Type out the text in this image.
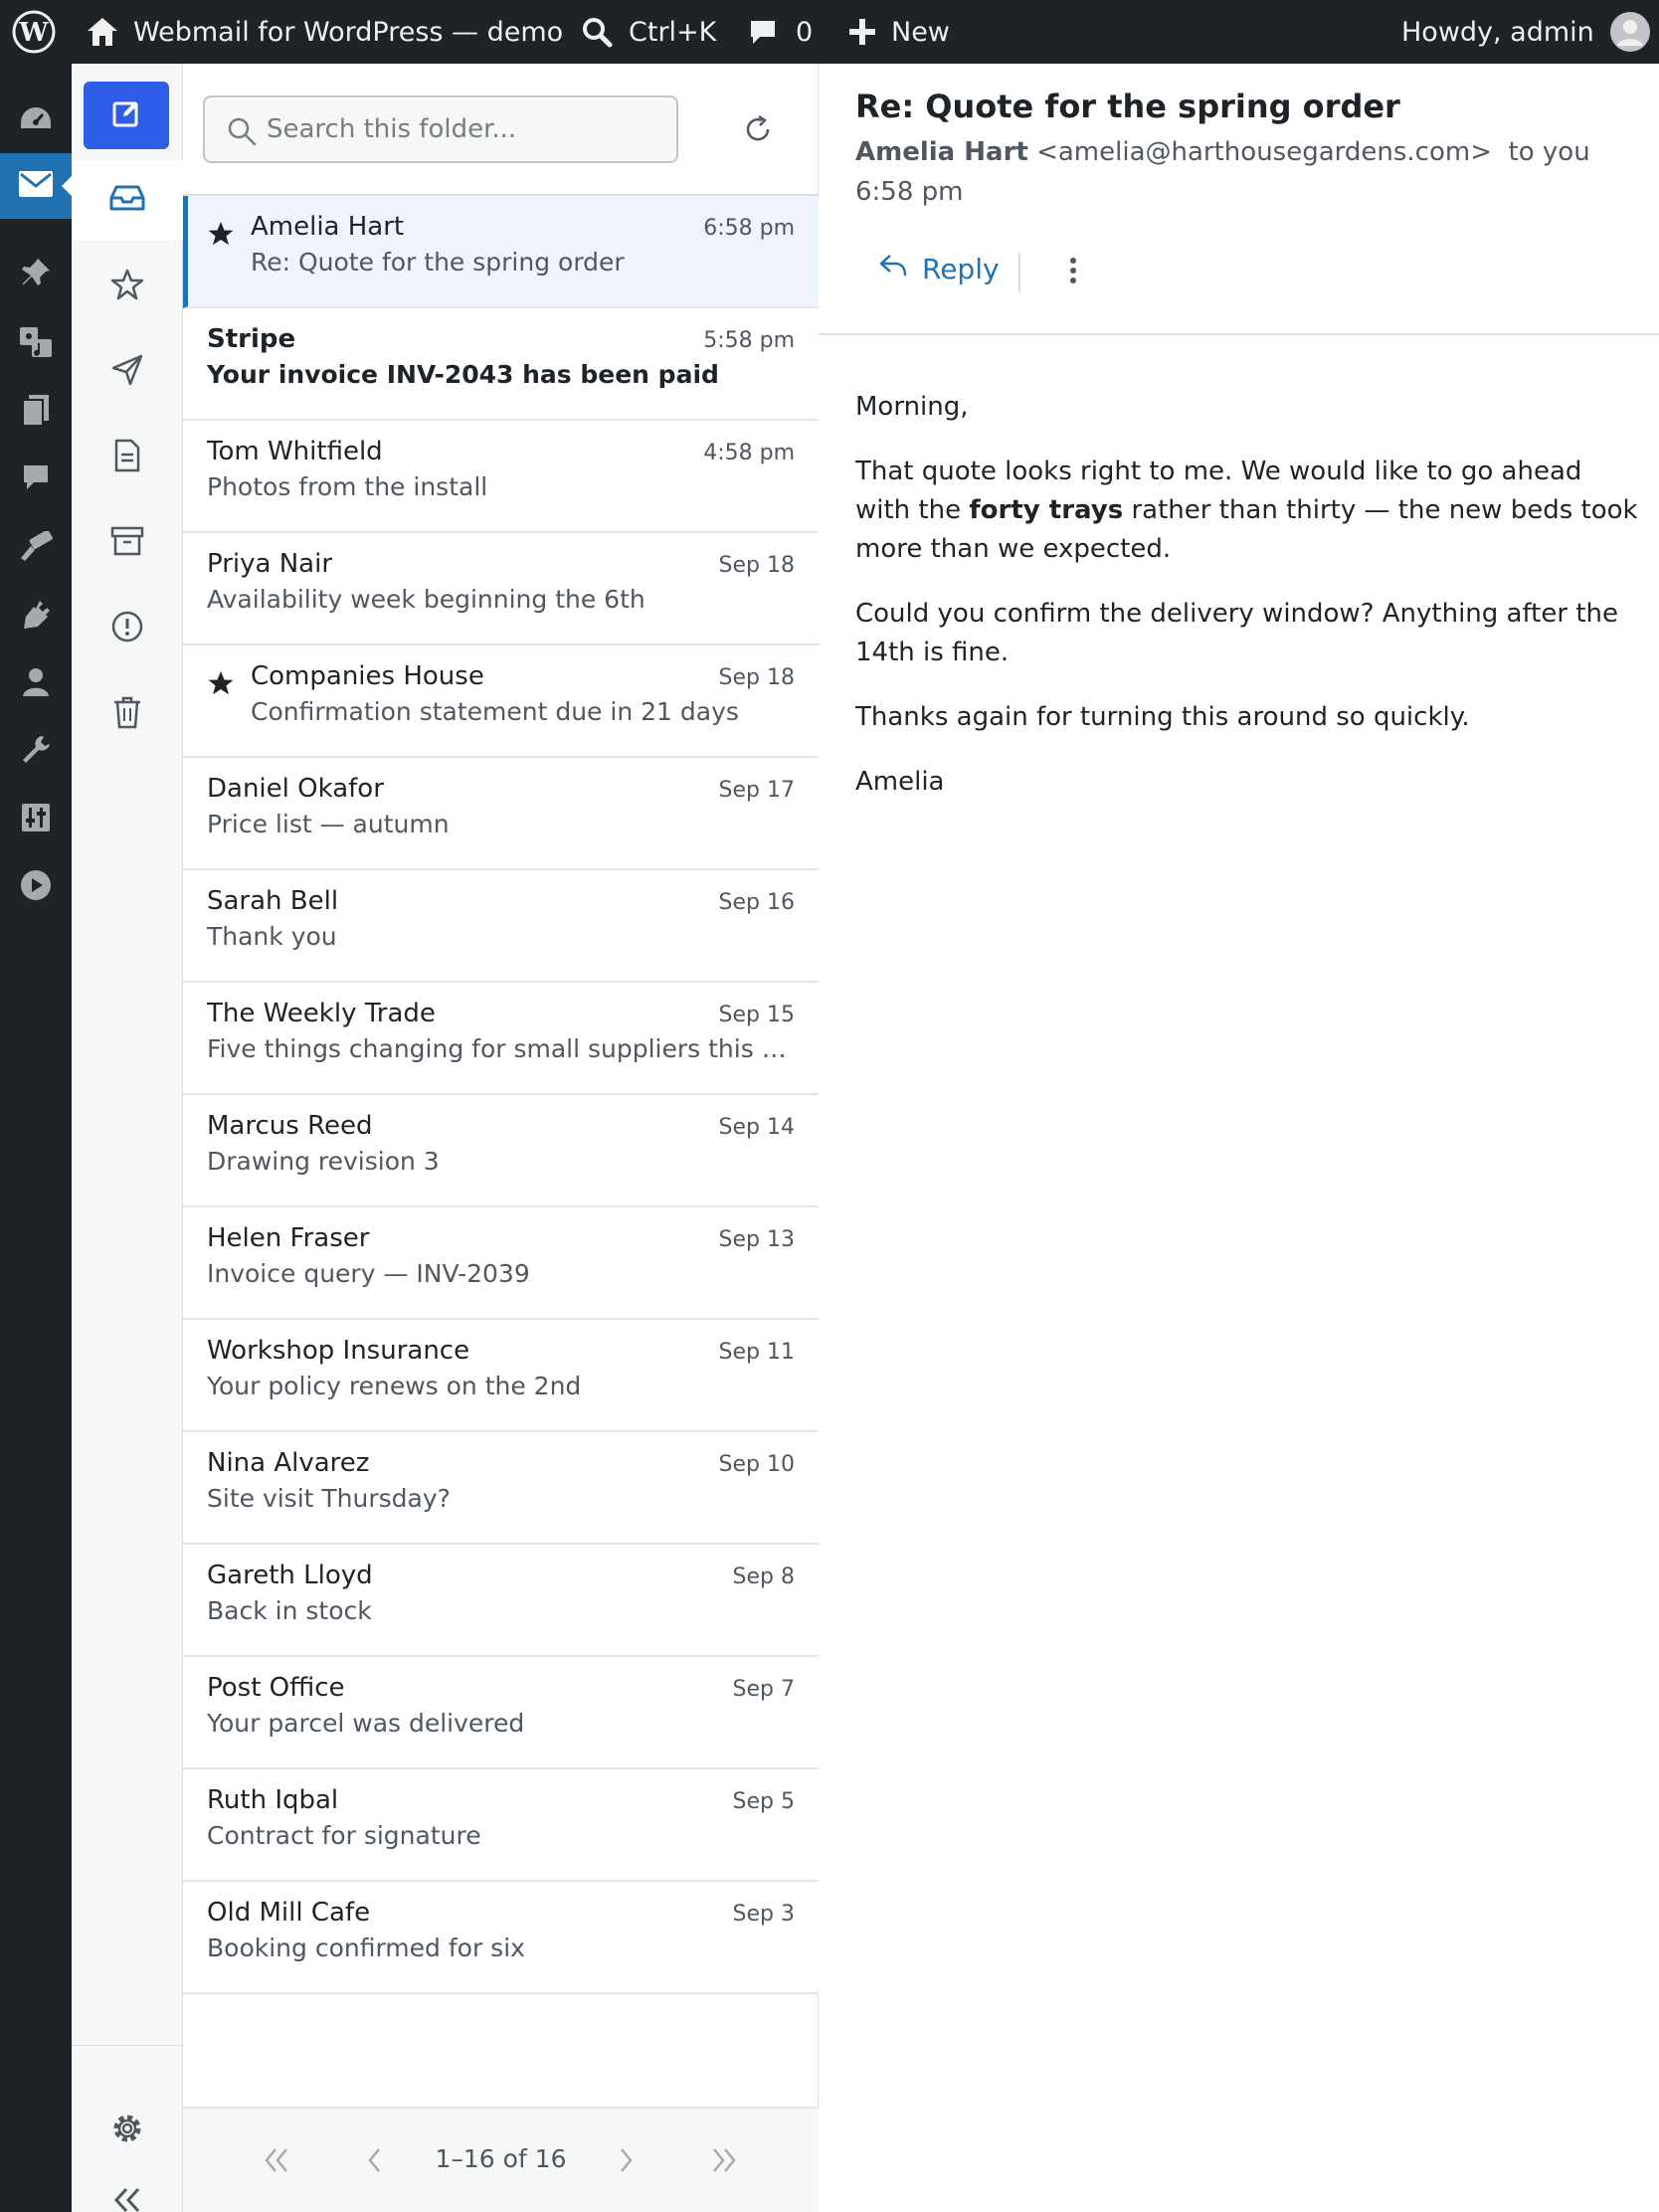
W	Webmail for WordPress — demo Ctrl+K	0	New	Howdy, admin
Search this folder...
Amelia Hart
Re: Quote for the spring order
6:58 pm
Stripe
Your invoice INV-2043 has been paid
5:58 pm
Tom Whitfield
Photos from the install
4:58 pm
Priya Nair
Availability week beginning the 6th
Sep 18
Companies House
Confirmation statement due in 21 days
Sep 18
Daniel Okafor
Price list — autumn
Sep 17
Sarah Bell
Thank you
Sep 16
The Weekly Trade
Five things changing for small suppliers this …
Sep 15
Marcus Reed
Drawing revision 3
Sep 14
Helen Fraser
Invoice query — INV-2039
Sep 13
Workshop Insurance
Your policy renews on the 2nd
Sep 11
Nina Alvarez
Site visit Thursday?
Sep 10
Gareth Lloyd
Back in stock
Sep 8
Post Office
Your parcel was delivered
Sep 7
Ruth Iqbal
Contract for signature
Sep 5
Old Mill Cafe
Booking confirmed for six
Sep 3
1–16 of 16
Re: Quote for the spring order
Amelia Hart <amelia@harthousegardens.com> to you
6:58 pm
Reply

Morning,

That quote looks right to me. We would like to go ahead with the forty trays rather than thirty — the new beds took more than we expected.

Could you confirm the delivery window? Anything after the 14th is fine.

Thanks again for turning this around so quickly.

Amelia
